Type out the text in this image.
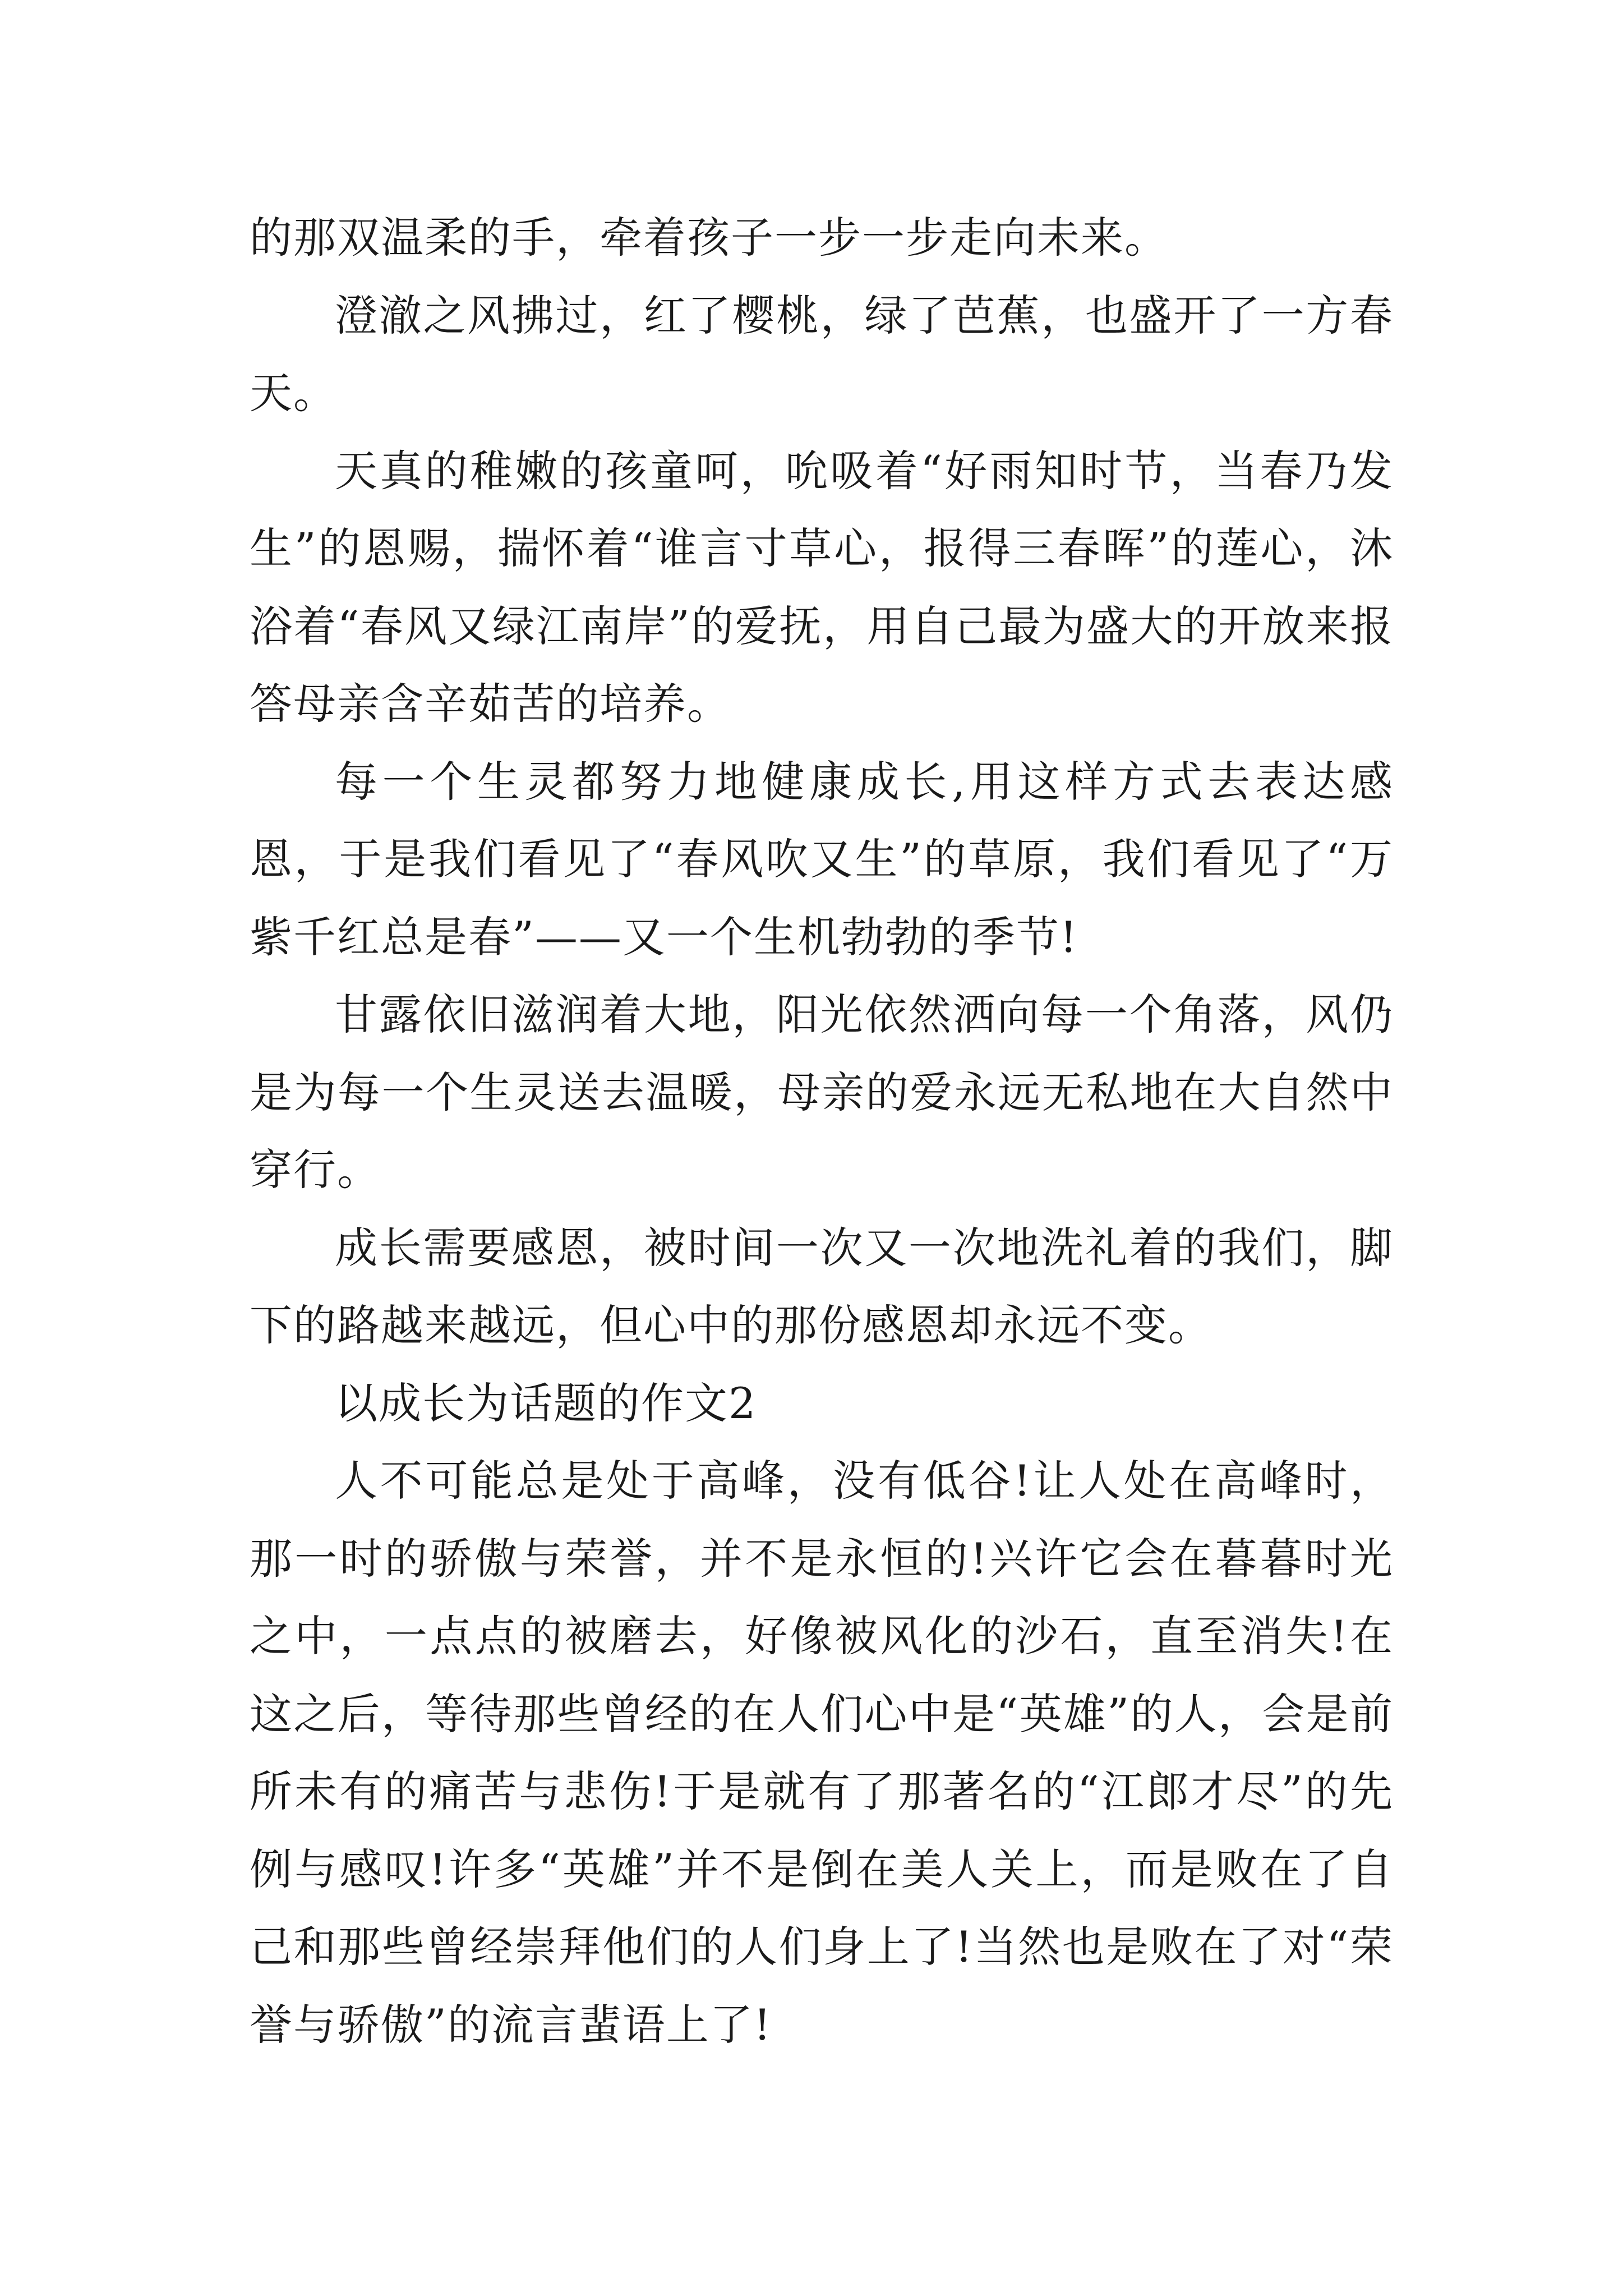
的那双温柔的手，牵着孩子一步一步走向未来。

澄澈之风拂过，红了樱桃，绿了芭蕉，也盛开了一方春天。

天真的稚嫩的孩童呵，吮吸着“好雨知时节，当春乃发生”的恩赐，揣怀着“谁言寸草心，报得三春晖”的莲心，沐浴着“春风又绿江南岸”的爱抚，用自己最为盛大的开放来报答母亲含辛茹苦的培养。

每一个生灵都努力地健康成长,用这样方式去表达感恩，于是我们看见了“春风吹又生”的草原，我们看见了“万紫千红总是春”——又一个生机勃勃的季节!

甘露依旧滋润着大地，阳光依然洒向每一个角落，风仍是为每一个生灵送去温暖，母亲的爱永远无私地在大自然中穿行。

成长需要感恩，被时间一次又一次地洗礼着的我们，脚下的路越来越远，但心中的那份感恩却永远不变。

以成长为话题的作文2

人不可能总是处于高峰，没有低谷!让人处在高峰时，那一时的骄傲与荣誉，并不是永恒的!兴许它会在暮暮时光之中，一点点的被磨去，好像被风化的沙石，直至消失!在这之后，等待那些曾经的在人们心中是“英雄”的人，会是前所未有的痛苦与悲伤!于是就有了那著名的“江郎才尽”的先例与感叹!许多“英雄”并不是倒在美人关上，而是败在了自己和那些曾经崇拜他们的人们身上了!当然也是败在了对“荣誉与骄傲”的流言蜚语上了!
